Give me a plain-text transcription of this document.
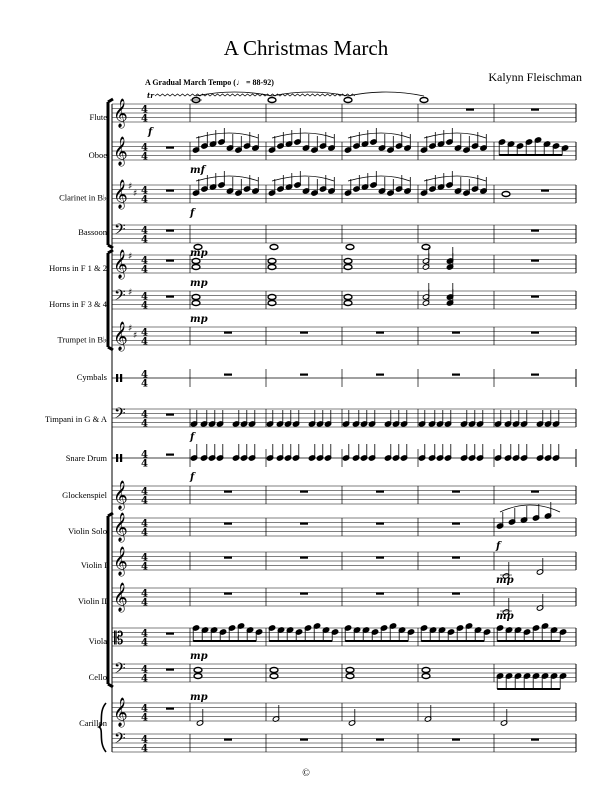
A Christmas March
Kalynn Fleischman
A Gradual March Tempo (♩ = 88-92)
Flute
Oboe
Clarinet in B♭
Bassoon
Horns in F 1 & 2
Horns in F 3 & 4
Trumpet in B♭
Cymbals
Timpani in G & A
Snare Drum
Glockenspiel
Violin Solo
Violin I
Violin II
Viola
Cello
Carillon
𝄞 4
4
𝄞 4
4
𝄞 ♯
♯ 4
4
𝄢 4
4
𝄞 ♯ 4
4
𝄢 ♯ 4
4
𝄞 ♯
♯ 4
4
4
4
𝄢 4
4
4
4
𝄞 4
4
𝄞 4
4
𝄞 4
4
𝄞 4
4
𝄡 4
4
𝄢 4
4
𝄞 4
4
𝄢 4
4
tr
f
mf
f
mp
mp
mp
f
f
f
mp
mp
mp
mp
©
